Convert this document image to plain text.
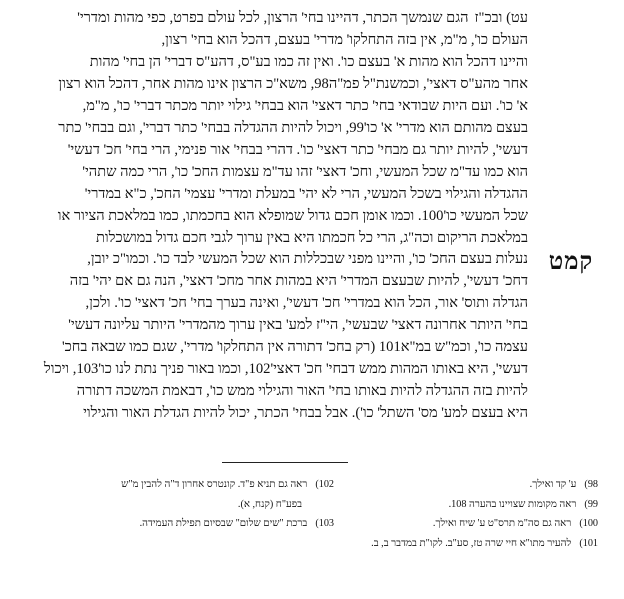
עט) ובכ"זהגם שנמשך הכתר, דהיינו בחי' הרצון, לכל עולם בפרט, כפי מהות ומדרי'
העולם כו', מ"מ, אין בזה התחלקו' מדרי' בעצם, דהכל הוא בחי' רצון,
והיינו דהכל הוא מהות א' בעצם כו'. ואין זה כמו בע"ס, דהע"ס דברי' הן בחי' מהות
אחר מהע"ס דאצי', וכמשנת"ל פמ"ה98, משא"כ הרצון אינו מהות אחר, דהכל הוא רצון
א' כו'. ועם היות שבודאי בחי' כתר דאצי' הוא בבחי' גילוי יותר מכתר דברי' כו', מ"מ,
בעצם מהותם הוא מדרי' א' כו'99, ויכול להיות ההגדלה בבחי' כתר דברי', וגם בבחי' כתר
דעשי', להיות יותר גם מבחי' כתר דאצי' כו'. דהרי בבחי' אור פנימי, הרי בחי' חכ' דעשי'
הוא כמו עד"מ שכל המעשי, וחכ' דאצי' זהו עד"מ עצמות החכ' כו', הרי כמה שתהי'
ההגדלה והגילוי בשכל המעשי, הרי לא יהי' במעלת ומדרי' עצמי' החכ', כ"א במדרי'
שכל המעשי כו'100. וכמו אומן חכם גדול שמופלא הוא בחכמתו, כמו במלאכת הציור או
במלאכת הריקום וכה"ג, הרי כל חכמתו היא באין ערוך לגבי חכם גדול במושכלות
נעלות בעצם החכ' כו', והיינו מפני שבכללות הוא שכל המעשי לבד כו'. וכמו"כ יובן,
דחכ' דעשי', להיות שבעצם המדרי' היא במהות אחר מחכ' דאצי', הנה גם אם יהי' בזה
הגדלה ותוס' אור, הכל הוא במדרי' חכ' דעשי', ואינה בערך בחי' חכ' דאצי' כו'. ולכן,
בחי' היותר אחרונה דאצי' שבעשי', הי"ז למע' באין ערוך מהמדרי' היותר עליונה דעשי'
עצמה כו', וכמ"ש במ"א101 (רק בחכ' דתורה אין התחלקו' מדרי', שגם כמו שבאה בחכ'
דעשי', היא באותו המהות ממש דבחי' חכ' דאצי'102, וכמו באור פניך נתת לנו כו'103, ויכול
להיות בזה ההגדלה להיות באותו בחי' האור והגילוי ממש כו', דבאמת המשכה דתורה
היא בעצם למע' מס' השתל' כו'). אבל בבחי' הכתר, יכול להיות הגדלת האור והגילוי
קמט
98)ע' קד ואילך.
99)ראה מקומות שצויינו בהערה 108.
100)ראה גם סה"מ תרס"ט ע' שיח ואילך.
101)להעיר מתו"א חיי שרה טז, סע"ב. לקו"ת במדבר ב, ב.
102)ראה גם תניא פ"ד. קונטרס אחרון ד"ה להבין מ"ש
בפע"ח (קנח, א).
103)ברכת "שים שלום" שבסיום תפילת העמידה.
